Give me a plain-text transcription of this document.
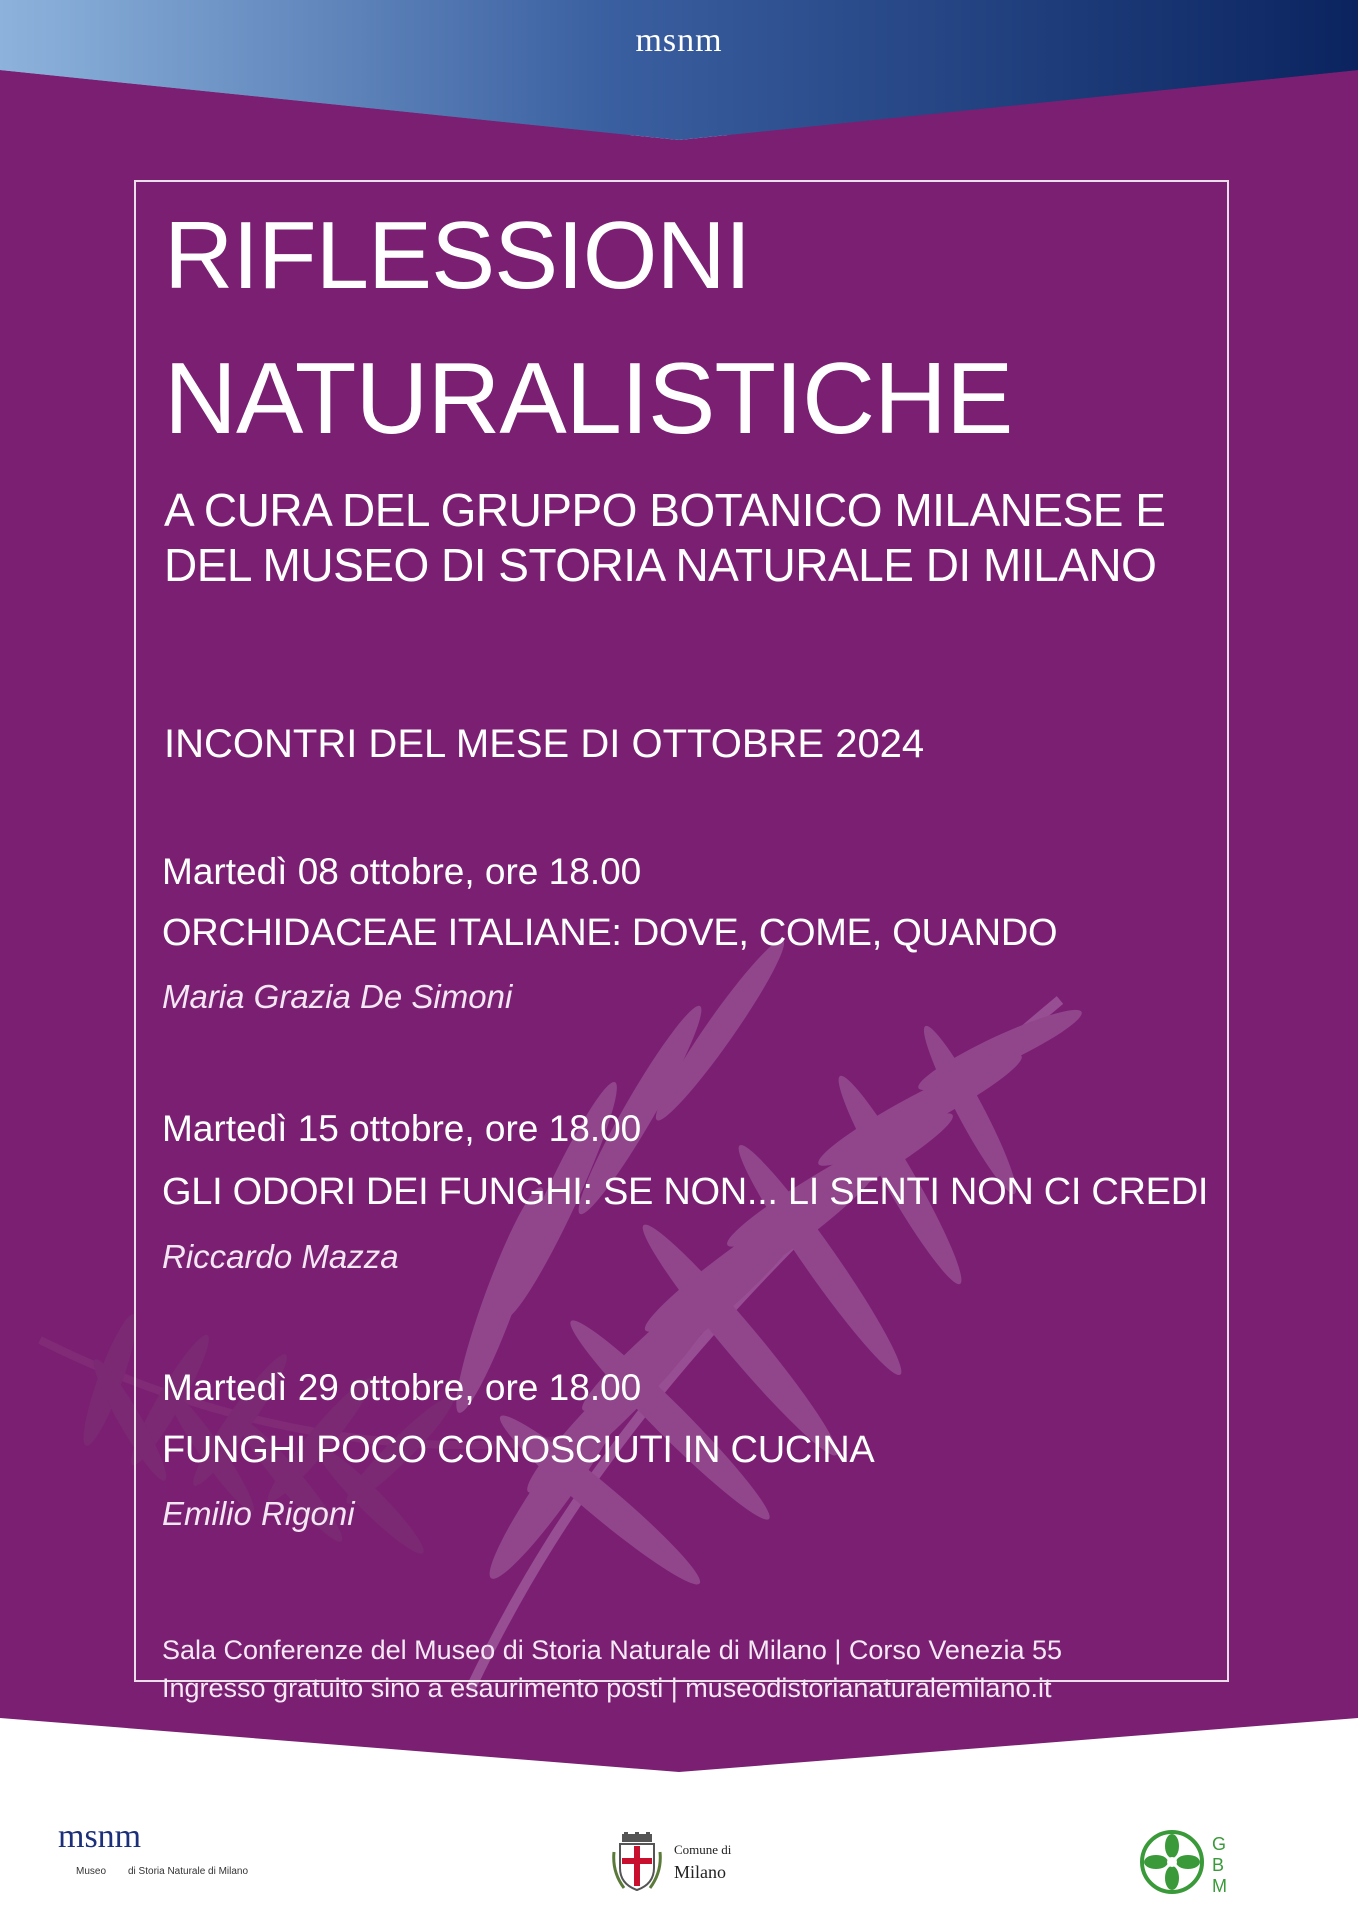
msnm
RIFLESSIONI
NATURALISTICHE
A CURA DEL GRUPPO BOTANICO MILANESE E
DEL MUSEO DI STORIA NATURALE DI MILANO
INCONTRI DEL MESE DI OTTOBRE 2024
Martedì 08 ottobre, ore 18.00
ORCHIDACEAE ITALIANE: DOVE, COME, QUANDO
Maria Grazia De Simoni
Martedì 15 ottobre, ore 18.00
GLI ODORI DEI FUNGHI: SE NON... LI SENTI NON CI CREDI
Riccardo Mazza
Martedì 29 ottobre, ore 18.00
FUNGHI POCO CONOSCIUTI IN CUCINA
Emilio Rigoni
Sala Conferenze del Museo di Storia Naturale di Milano | Corso Venezia 55
Ingresso gratuito sino a esaurimento posti | museodistorianaturalemilano.it
msnm
Museo di Storia Naturale di Milano
Comune di
Milano
G
B
M
